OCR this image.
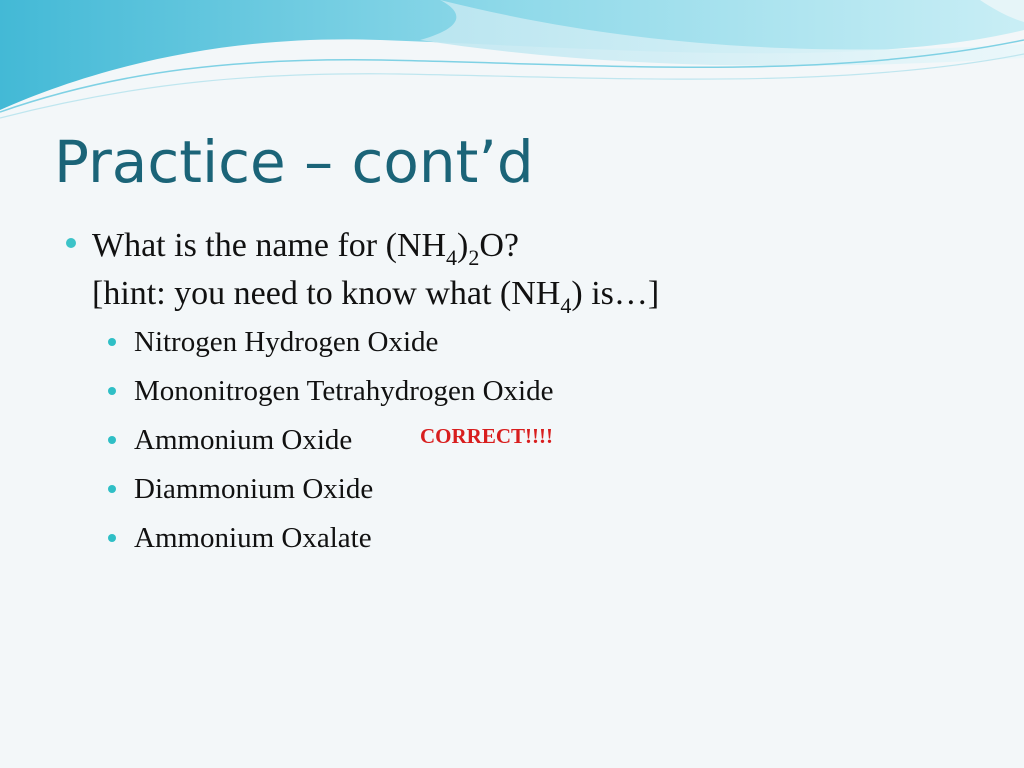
Practice – cont’d
What is the name for $(NH_4)_2O$?
[hint: you need to know what $(NH_4)$ is…]
Nitrogen Hydrogen Oxide
Mononitrogen Tetrahydrogen Oxide
Ammonium Oxide	CORRECT!!!!
Diammonium Oxide
Ammonium Oxalate
